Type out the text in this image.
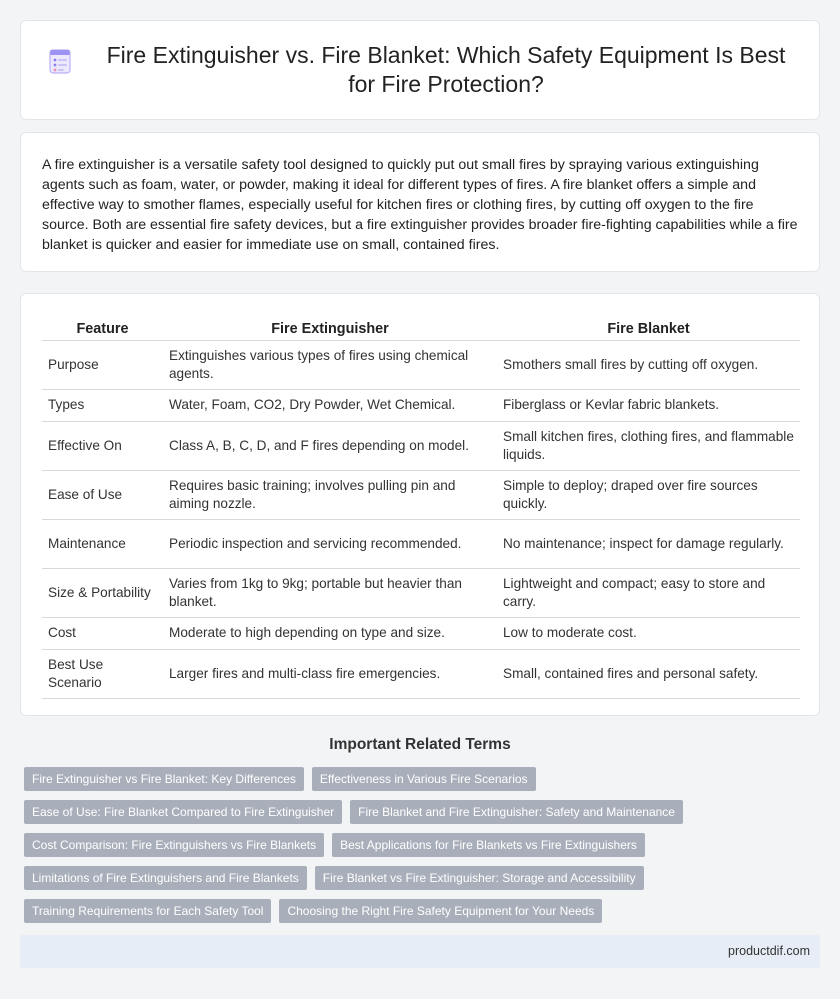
Fire Extinguisher vs. Fire Blanket: Which Safety Equipment Is Best for Fire Protection?

A fire extinguisher is a versatile safety tool designed to quickly put out small fires by spraying various extinguishing agents such as foam, water, or powder, making it ideal for different types of fires. A fire blanket offers a simple and effective way to smother flames, especially useful for kitchen fires or clothing fires, by cutting off oxygen to the fire source. Both are essential fire safety devices, but a fire extinguisher provides broader fire-fighting capabilities while a fire blanket is quicker and easier for immediate use on small, contained fires.

Feature	Fire Extinguisher	Fire Blanket
Purpose	Extinguishes various types of fires using chemical agents.	Smothers small fires by cutting off oxygen.
Types	Water, Foam, CO2, Dry Powder, Wet Chemical.	Fiberglass or Kevlar fabric blankets.
Effective On	Class A, B, C, D, and F fires depending on model.	Small kitchen fires, clothing fires, and flammable liquids.
Ease of Use	Requires basic training; involves pulling pin and aiming nozzle.	Simple to deploy; draped over fire sources quickly.
Maintenance	Periodic inspection and servicing recommended.	No maintenance; inspect for damage regularly.
Size & Portability	Varies from 1kg to 9kg; portable but heavier than blanket.	Lightweight and compact; easy to store and carry.
Cost	Moderate to high depending on type and size.	Low to moderate cost.
Best Use Scenario	Larger fires and multi-class fire emergencies.	Small, contained fires and personal safety.
Important Related Terms
Fire Extinguisher vs Fire Blanket: Key Differences	Effectiveness in Various Fire Scenarios
Ease of Use: Fire Blanket Compared to Fire Extinguisher	Fire Blanket and Fire Extinguisher: Safety and Maintenance
Cost Comparison: Fire Extinguishers vs Fire Blankets	Best Applications for Fire Blankets vs Fire Extinguishers
Limitations of Fire Extinguishers and Fire Blankets	Fire Blanket vs Fire Extinguisher: Storage and Accessibility
Training Requirements for Each Safety Tool	Choosing the Right Fire Safety Equipment for Your Needs
productdif.com
